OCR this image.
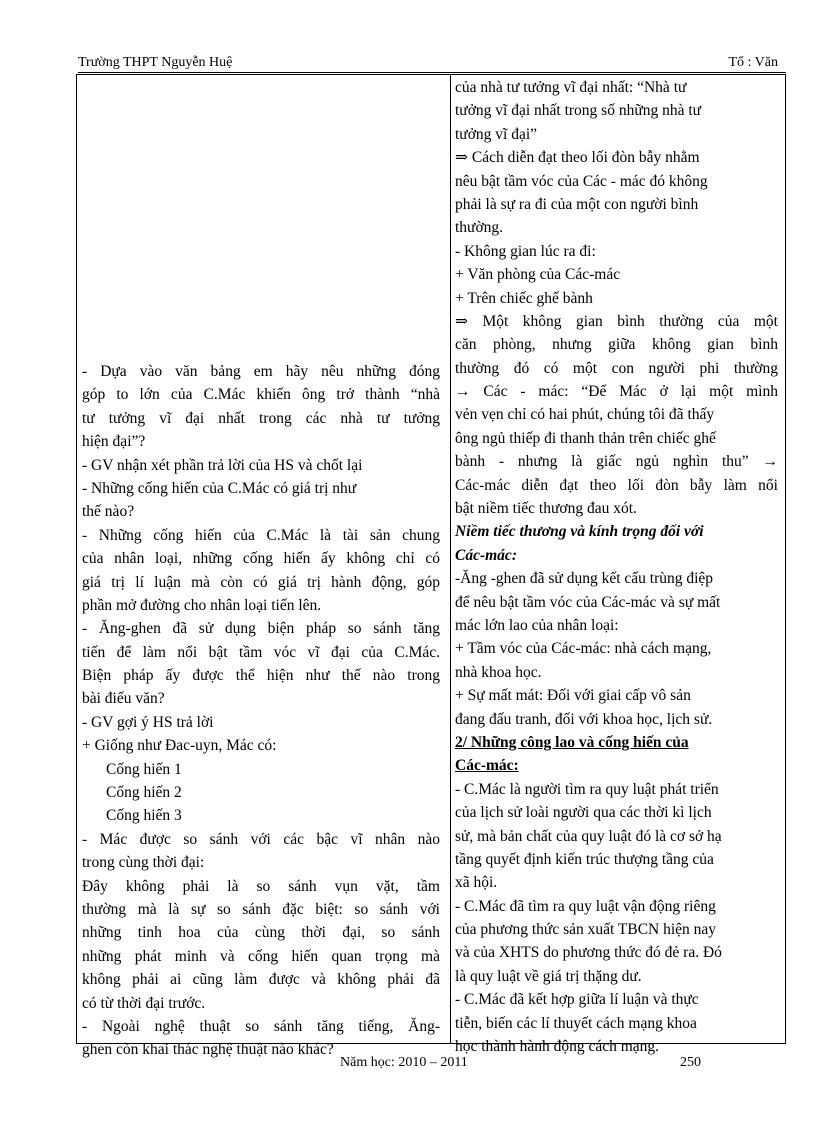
Trường THPT Nguyễn Huệ	Tổ : Văn
- Dựa vào văn bảng em hãy nêu những đóng
góp to lớn của C.Mác khiến ông trở thành “nhà
tư tưởng vĩ đại nhất trong các nhà tư tưởng
hiện đại”?
- GV nhận xét phần trả lời của HS và chốt lại
- Những cống hiến của C.Mác có giá trị như
thế nào?
- Những cống hiến của C.Mác là tài sản chung
của nhân loại, những cống hiến ấy không chỉ có
giá trị lí luận mà còn có giá trị hành động, góp
phần mở đường cho nhân loại tiến lên.
- Ăng-ghen đã sử dụng biện pháp so sánh tăng
tiến để làm nổi bật tầm vóc vĩ đại của C.Mác.
Biện pháp ấy được thể hiện như thế nào trong
bài điếu văn?
- GV gợi ý HS trả lời
+ Giống như Đac-uyn, Mác có:
Cống hiến 1
Cống hiến 2
Cống hiến 3
- Mác được so sánh với các bậc vĩ nhân nào
trong cùng thời đại:
Đây không phải là so sánh vụn vặt, tầm
thường mà là sự so sánh đặc biệt: so sánh với
những tinh hoa của cùng thời đại, so sánh
những phát minh và cống hiến quan trọng mà
không phải ai cũng làm được và không phải đã
có từ thời đại trước.
- Ngoài nghệ thuật so sánh tăng tiếng, Ăng-
ghen còn khai thác nghệ thuật nào khác?
của nhà tư tưởng vĩ đại nhất: “Nhà tư
tưởng vĩ đại nhất trong số những nhà tư
tưởng vĩ đại”
⇒ Cách diễn đạt theo lối đòn bẫy nhằm
nêu bật tầm vóc của Các - mác đó không
phải là sự ra đi của một con người bình
thường.
- Không gian lúc ra đi:
+ Văn phòng của Các-mác
+ Trên chiếc ghế bành
⇒ Một không gian bình thường của một
căn phòng, nhưng giữa không gian bình
thường đó có một con người phi thường
→ Các - mác: “Để Mác ở lại một mình
vẻn vẹn chỉ có hai phút, chúng tôi đã thấy
ông ngủ thiếp đi thanh thản trên chiếc ghế
bành - nhưng là giấc ngủ nghìn thu” →
Các-mác diễn đạt theo lối đòn bẫy làm nổi
bật niềm tiếc thương đau xót.
Niềm tiếc thương và kính trọng đối với
Các-mác:
-Ăng -ghen đã sử dụng kết cấu trùng điệp
để nêu bật tầm vóc của Các-mác và sự mất
mác lớn lao của nhân loại:
+ Tầm vóc của Các-mác: nhà cách mạng,
nhà khoa học.
+ Sự mất mát: Đối với giai cấp vô sản
đang đấu tranh, đối với khoa học, lịch sử.
2/ Những công lao và cống hiến của
Các-mác:
- C.Mác là người tìm ra quy luật phát triển
của lịch sử loài người qua các thời kì lịch
sử, mà bản chất của quy luật đó là cơ sở hạ
tầng quyết định kiến trúc thượng tầng của
xã hội.
- C.Mác đã tìm ra quy luật vận động riêng
của phương thức sản xuất TBCN hiện nay
và của XHTS do phương thức đó đẻ ra. Đó
là quy luật về giá trị thặng dư.
- C.Mác đã kết hợp giữa lí luận và thực
tiễn, biến các lí thuyết cách mạng khoa
học thành hành động cách mạng.
Năm học: 2010 – 2011	250
